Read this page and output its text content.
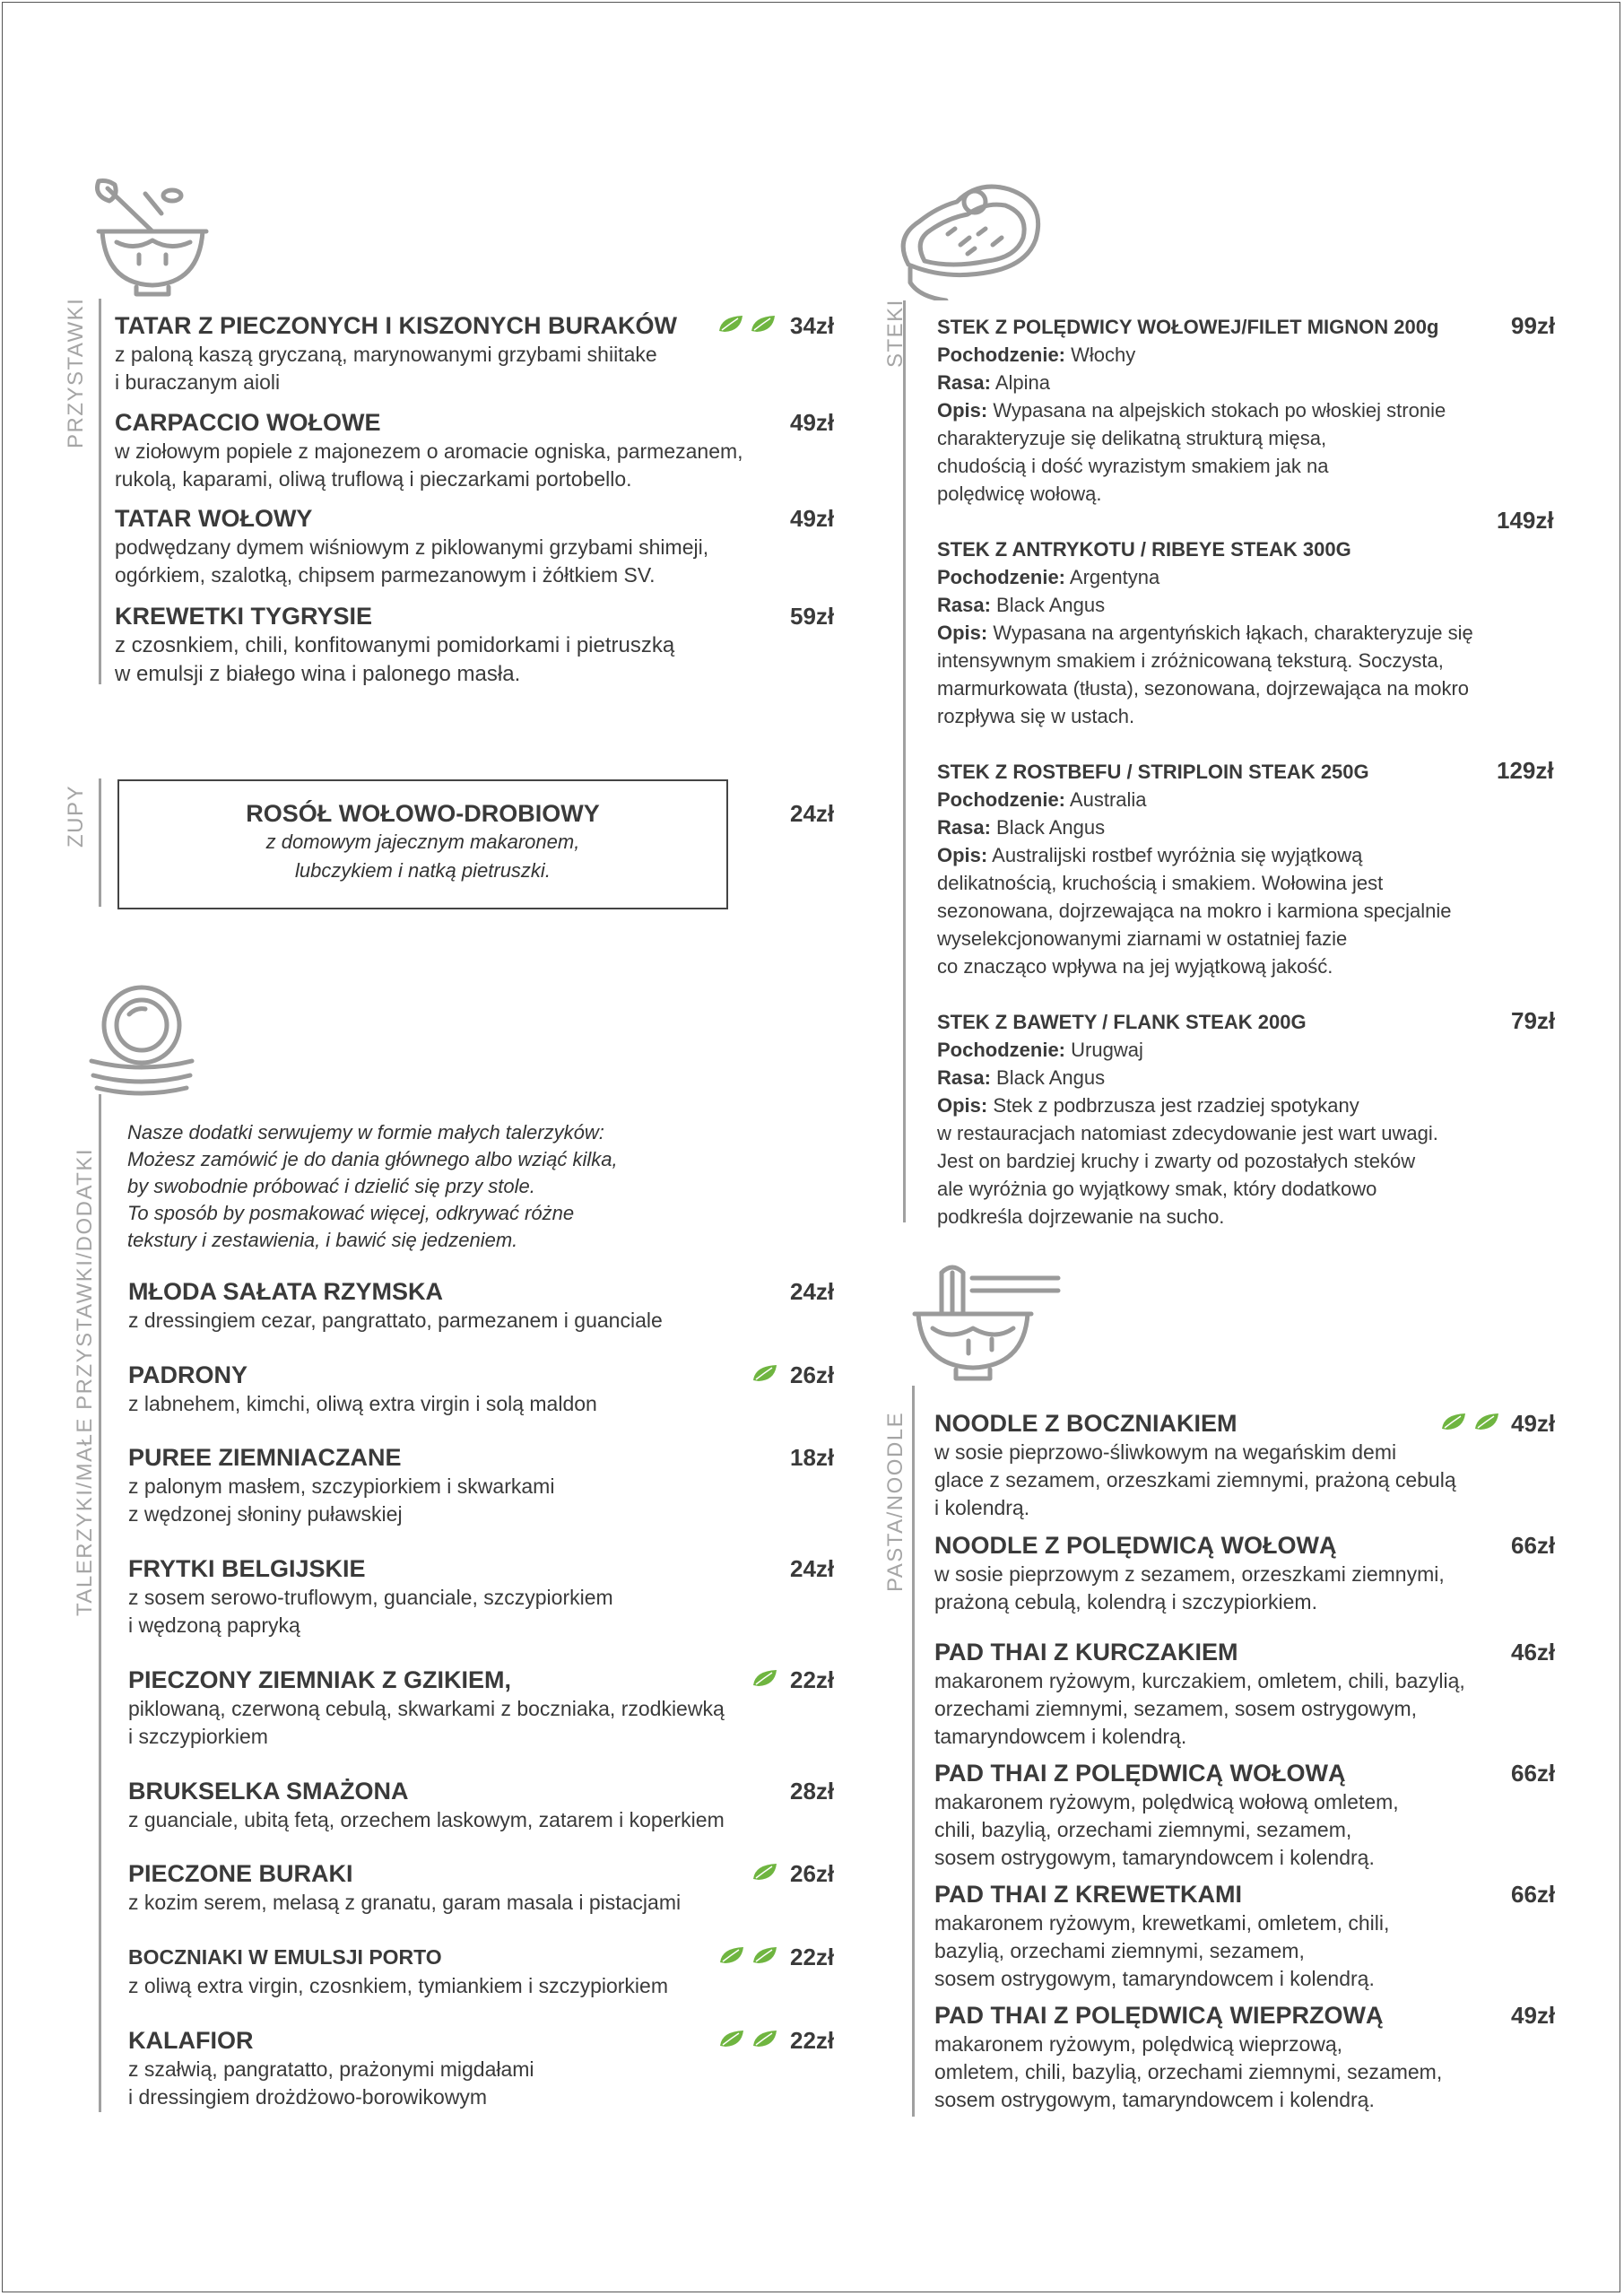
PRZYSTAWKI TATAR Z PIECZONYCH I KISZONYCH BURAKÓW
z paloną kaszą gryczaną, marynowanymi grzybami shiitake
i buraczanym aioli
34zł
CARPACCIO WOŁOWE
w ziołowym popiele z majonezem o aromacie ogniska, parmezanem,
rukolą, kaparami, oliwą truflową i pieczarkami portobello.
49zł
TATAR WOŁOWY
podwędzany dymem wiśniowym z piklowanymi grzybami shimeji,
ogórkiem, szalotką, chipsem parmezanowym i żółtkiem SV.
49zł
KREWETKI TYGRYSIE
z czosnkiem, chili, konfitowanymi pomidorkami i pietruszką
w emulsji z białego wina i palonego masła.
59zł
ZUPY	ROSÓŁ WOŁOWO-DROBIOWY
z domowym jajecznym makaronem,
lubczykiem i natką pietruszki.
24zł
TALERZYKI/MAŁE PRZYSTAWKI/DODATKI
Nasze dodatki serwujemy w formie małych talerzyków:
Możesz zamówić je do dania głównego albo wziąć kilka,
by swobodnie próbować i dzielić się przy stole.
To sposób by posmakować więcej, odkrywać różne
tekstury i zestawienia, i bawić się jedzeniem.
MŁODA SAŁATA RZYMSKA
z dressingiem cezar, pangrattato, parmezanem i guanciale
24zł
PADRONY
z labnehem, kimchi, oliwą extra virgin i solą maldon
26zł
PUREE ZIEMNIACZANE
z palonym masłem, szczypiorkiem i skwarkami
z wędzonej słoniny puławskiej
18zł
FRYTKI BELGIJSKIE
z sosem serowo-truflowym, guanciale, szczypiorkiem
i wędzoną papryką
24zł
PIECZONY ZIEMNIAK Z GZIKIEM,
piklowaną, czerwoną cebulą, skwarkami z boczniaka, rzodkiewką
i szczypiorkiem
22zł
BRUKSELKA SMAŻONA
z guanciale, ubitą fetą, orzechem laskowym, zatarem i koperkiem
28zł
PIECZONE BURAKI
z kozim serem, melasą z granatu, garam masala i pistacjami
26zł
BOCZNIAKI W EMULSJI PORTO
z oliwą extra virgin, czosnkiem, tymiankiem i szczypiorkiem
22zł
KALAFIOR
z szałwią, pangratatto, prażonymi migdałami
i dressingiem drożdżowo-borowikowym
22zł
STEKI STEK Z POLĘDWICY WOŁOWEJ/FILET MIGNON 200g
Pochodzenie: Włochy
Rasa: Alpina
Opis: Wypasana na alpejskich stokach po włoskiej stronie
charakteryzuje się delikatną strukturą mięsa,
chudością i dość wyrazistym smakiem jak na
polędwicę wołową.
99zł
149zł
STEK Z ANTRYKOTU / RIBEYE STEAK 300G
Pochodzenie: Argentyna
Rasa: Black Angus
Opis: Wypasana na argentyńskich łąkach, charakteryzuje się
intensywnym smakiem i zróżnicowaną teksturą. Soczysta,
marmurkowata (tłusta), sezonowana, dojrzewająca na mokro
rozpływa się w ustach.
STEK Z ROSTBEFU / STRIPLOIN STEAK 250G
Pochodzenie: Australia
Rasa: Black Angus
Opis: Australijski rostbef wyróżnia się wyjątkową
delikatnością, kruchością i smakiem. Wołowina jest
sezonowana, dojrzewająca na mokro i karmiona specjalnie
wyselekcjonowanymi ziarnami w ostatniej fazie
co znacząco wpływa na jej wyjątkową jakość.
129zł
STEK Z BAWETY / FLANK STEAK 200G
Pochodzenie: Urugwaj
Rasa: Black Angus
Opis: Stek z podbrzusza jest rzadziej spotykany
w restauracjach natomiast zdecydowanie jest wart uwagi.
Jest on bardziej kruchy i zwarty od pozostałych steków
ale wyróżnia go wyjątkowy smak, który dodatkowo
podkreśla dojrzewanie na sucho.
79zł
PASTA/NOODLE NOODLE Z BOCZNIAKIEM
w sosie pieprzowo-śliwkowym na wegańskim demi
glace z sezamem, orzeszkami ziemnymi, prażoną cebulą
i kolendrą.
49zł
NOODLE Z POLĘDWICĄ WOŁOWĄ
w sosie pieprzowym z sezamem, orzeszkami ziemnymi,
prażoną cebulą, kolendrą i szczypiorkiem.
66zł
PAD THAI Z KURCZAKIEM
makaronem ryżowym, kurczakiem, omletem, chili, bazylią,
orzechami ziemnymi, sezamem, sosem ostrygowym,
tamaryndowcem i kolendrą.
46zł
PAD THAI Z POLĘDWICĄ WOŁOWĄ
makaronem ryżowym, polędwicą wołową omletem,
chili, bazylią, orzechami ziemnymi, sezamem,
sosem ostrygowym, tamaryndowcem i kolendrą.
66zł
PAD THAI Z KREWETKAMI
makaronem ryżowym, krewetkami, omletem, chili,
bazylią, orzechami ziemnymi, sezamem,
sosem ostrygowym, tamaryndowcem i kolendrą.
66zł
PAD THAI Z POLĘDWICĄ WIEPRZOWĄ
makaronem ryżowym, polędwicą wieprzową,
omletem, chili, bazylią, orzechami ziemnymi, sezamem,
sosem ostrygowym, tamaryndowcem i kolendrą.
49zł
